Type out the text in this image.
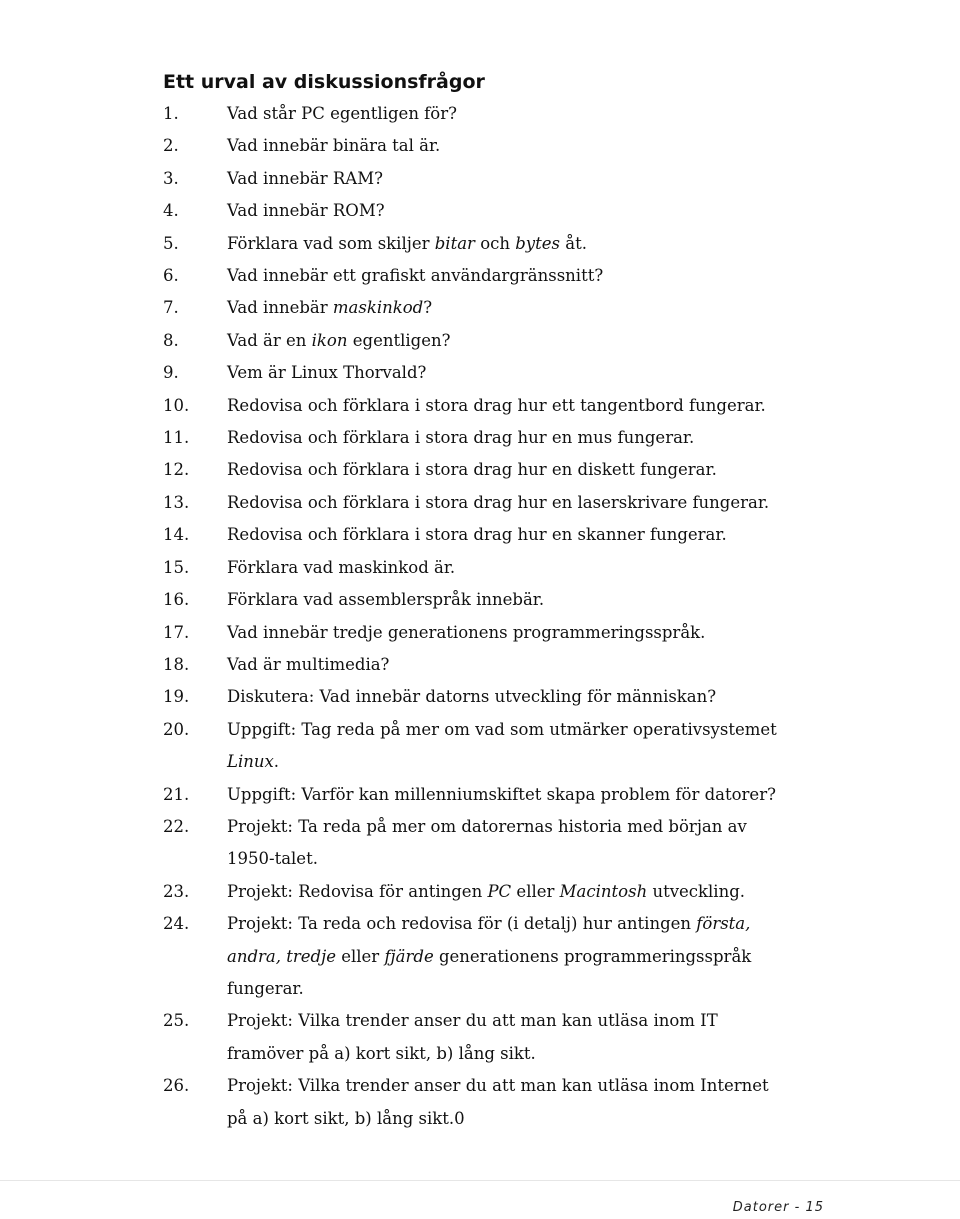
Ett urval av diskussionsfrågor
1.	Vad står PC egentligen för?
2.	Vad innebär binära tal är.
3.	Vad innebär RAM?
4.	Vad innebär ROM?
5.	Förklara vad som skiljer bitar och bytes åt.
6.	Vad innebär ett grafiskt användargränssnitt?
7.	Vad innebär maskinkod?
8.	Vad är en ikon egentligen?
9.	Vem är Linux Thorvald?
10.	Redovisa och förklara i stora drag hur ett tangentbord fungerar.
11.	Redovisa och förklara i stora drag hur en mus fungerar.
12.	Redovisa och förklara i stora drag hur en diskett fungerar.
13.	Redovisa och förklara i stora drag hur en laserskrivare fungerar.
14.	Redovisa och förklara i stora drag hur en skanner fungerar.
15.	Förklara vad maskinkod är.
16.	Förklara vad assemblerspråk innebär.
17.	Vad innebär tredje generationens programmeringsspråk.
18.	Vad är multimedia?
19.	Diskutera: Vad innebär datorns utveckling för människan?
20.	Uppgift: Tag reda på mer om vad som utmärker operativsystemet
Linux.
21.	Uppgift: Varför kan millenniumskiftet skapa problem för datorer?
22.	Projekt: Ta reda på mer om datorernas historia med början av
1950-talet.
23.	Projekt: Redovisa för antingen PC eller Macintosh utveckling.
24.	Projekt: Ta reda och redovisa för (i detalj) hur antingen första,
andra, tredje eller fjärde generationens programmeringsspråk
fungerar.
25.	Projekt: Vilka trender anser du att man kan utläsa inom IT
framöver på a) kort sikt, b) lång sikt.
26.	Projekt: Vilka trender anser du att man kan utläsa inom Internet
på a) kort sikt, b) lång sikt.0
Datorer - 15
